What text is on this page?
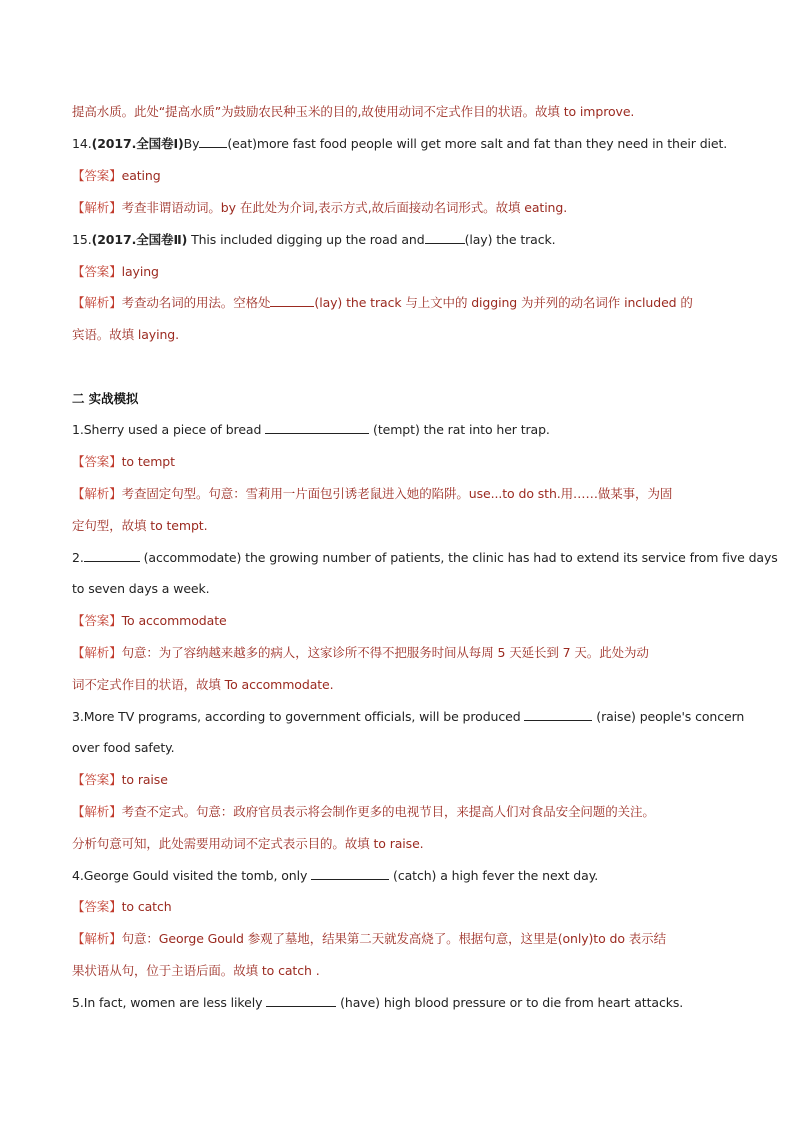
提高水质。此处“提高水质”为鼓励农民种玉米的目的,故使用动词不定式作目的状语。故填 to improve.
14.(2017.全国卷Ⅰ)By (eat)more fast food people will get more salt and fat than they need in their diet.
【答案】eating
【解析】考查非谓语动词。by 在此处为介词,表示方式,故后面接动名词形式。故填 eating.
15.(2017.全国卷Ⅱ) This included digging up the road and	(lay) the track.
【答案】laying
【解析】考查动名词的用法。空格处	(lay) the track 与上文中的 digging 为并列的动名词作 included 的
宾语。故填 laying.
二 实战模拟
1.Sherry used a piece of bread	(tempt) the rat into her trap.
【答案】to tempt
【解析】考查固定句型。句意：雪莉用一片面包引诱老鼠进入她的陷阱。use...to do sth.用……做某事，为固
定句型，故填 to tempt.
2.	(accommodate) the growing number of patients, the clinic has had to extend its service from five days
to seven days a week.
【答案】To accommodate
【解析】句意：为了容纳越来越多的病人，这家诊所不得不把服务时间从每周 5 天延长到 7 天。此处为动
词不定式作目的状语，故填 To accommodate.
3.More TV programs, according to government officials, will be produced	(raise) people's concern
over food safety.
【答案】to raise
【解析】考查不定式。句意：政府官员表示将会制作更多的电视节目，来提高人们对食品安全问题的关注。
分析句意可知，此处需要用动词不定式表示目的。故填 to raise.
4.George Gould visited the tomb, only	(catch) a high fever the next day.
【答案】to catch
【解析】句意：George Gould 参观了墓地，结果第二天就发高烧了。根据句意，这里是(only)to do 表示结
果状语从句，位于主语后面。故填 to catch .
5.In fact, women are less likely	(have) high blood pressure or to die from heart attacks.
